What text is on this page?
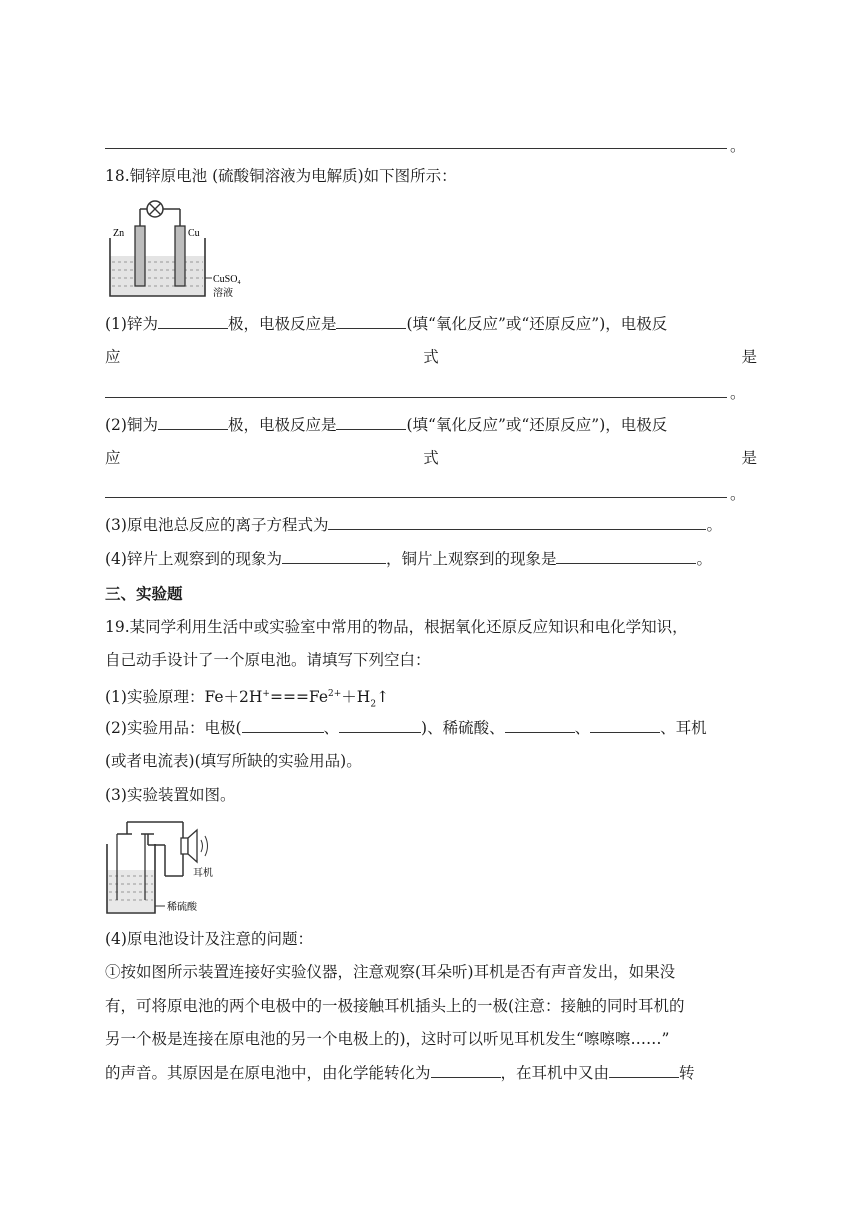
。
18.铜锌原电池 (硫酸铜溶液为电解质)如下图所示：
Zn	Cu
CuSO$_4$
溶液
(1)锌为	极，电极反应是	(填“氧化反应”或“还原反应”)，电极反
应	式	是
。
(2)铜为	极，电极反应是	(填“氧化反应”或“还原反应”)，电极反
应	式	是
。
(3)原电池总反应的离子方程式为	。
(4)锌片上观察到的现象为	，铜片上观察到的现象是	。
三、实验题
19.某同学利用生活中或实验室中常用的物品，根据氧化还原反应知识和电化学知识，
自己动手设计了一个原电池。请填写下列空白：
(1)实验原理：$Fe+2H^+===Fe^{2+}+H_2↑$
(2)实验用品：电极(	、	)、稀硫酸、	、	、耳机
(或者电流表)(填写所缺的实验用品)。
(3)实验装置如图。
耳机
稀硫酸
(4)原电池设计及注意的问题：
①按如图所示装置连接好实验仪器，注意观察(耳朵听)耳机是否有声音发出，如果没
有，可将原电池的两个电极中的一极接触耳机插头上的一极(注意：接触的同时耳机的
另一个极是连接在原电池的另一个电极上的)，这时可以听见耳机发生“嚓嚓嚓……”
的声音。其原因是在原电池中，由化学能转化为	，在耳机中又由	转
